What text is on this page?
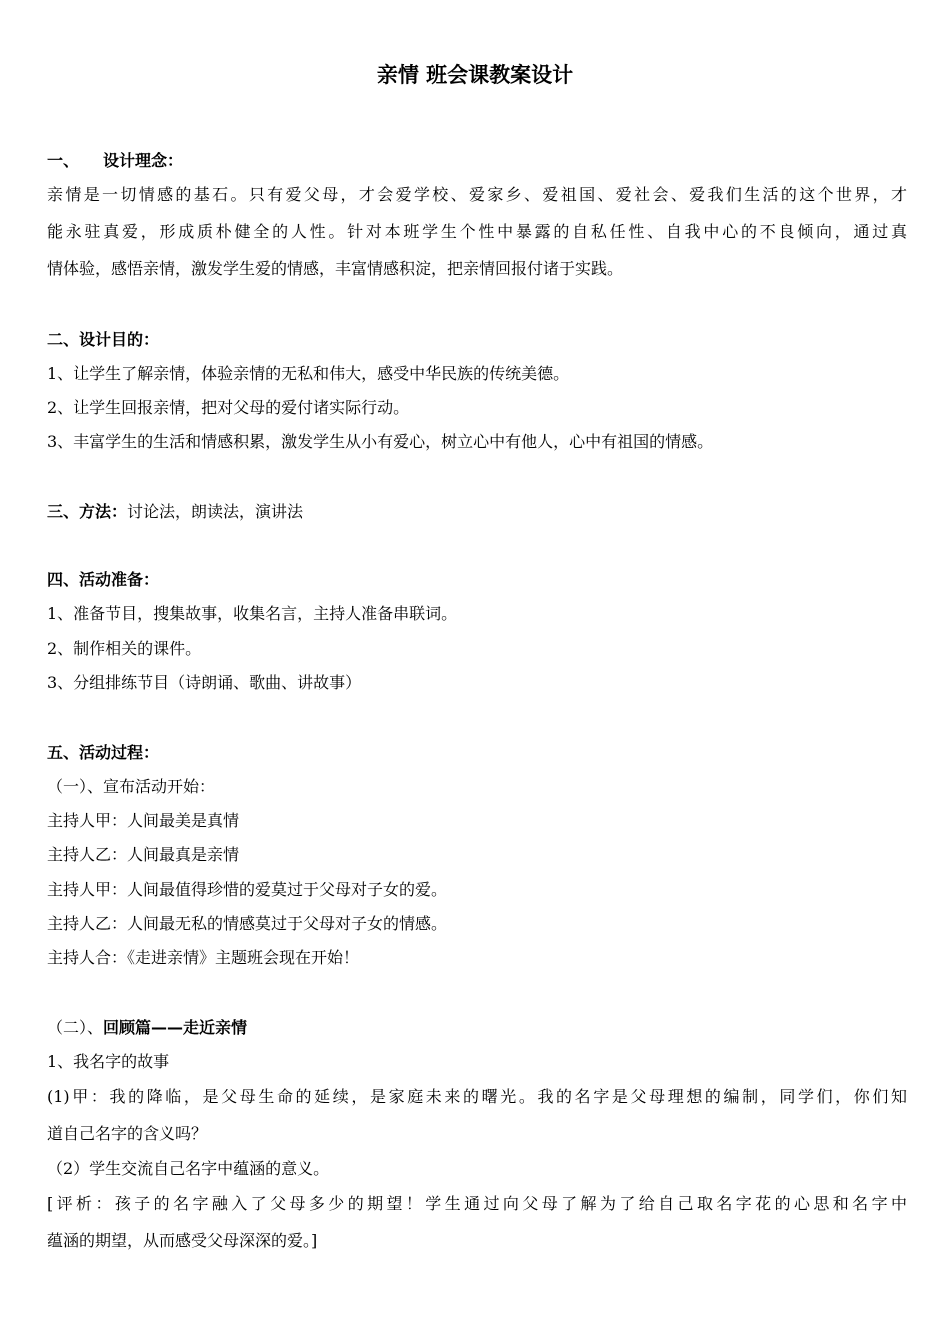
亲情 班会课教案设计
一、 设计理念：
亲情是一切情感的基石。只有爱父母，才会爱学校、爱家乡、爱祖国、爱社会、爱我们生活的这个世界，才
能永驻真爱，形成质朴健全的人性。针对本班学生个性中暴露的自私任性、自我中心的不良倾向，通过真
情体验，感悟亲情，激发学生爱的情感，丰富情感积淀，把亲情回报付诸于实践。
二、设计目的：
1、让学生了解亲情，体验亲情的无私和伟大，感受中华民族的传统美德。
2、让学生回报亲情，把对父母的爱付诸实际行动。
3、丰富学生的生活和情感积累，激发学生从小有爱心，树立心中有他人，心中有祖国的情感。
三、方法：讨论法，朗读法，演讲法
四、活动准备：
1、准备节目，搜集故事，收集名言，主持人准备串联词。
2、制作相关的课件。
3、分组排练节目（诗朗诵、歌曲、讲故事）
五、活动过程：
（一）、宣布活动开始：
主持人甲：人间最美是真情
主持人乙：人间最真是亲情
主持人甲：人间最值得珍惜的爱莫过于父母对子女的爱。
主持人乙：人间最无私的情感莫过于父母对子女的情感。
主持人合：《走进亲情》主题班会现在开始！
（二）、回顾篇——走近亲情
1、我名字的故事
(1)甲：我的降临，是父母生命的延续，是家庭未来的曙光。我的名字是父母理想的编制，同学们，你们知
道自己名字的含义吗？
（2）学生交流自己名字中蕴涵的意义。
[评析：孩子的名字融入了父母多少的期望！学生通过向父母了解为了给自己取名字花的心思和名字中
蕴涵的期望，从而感受父母深深的爱。]
